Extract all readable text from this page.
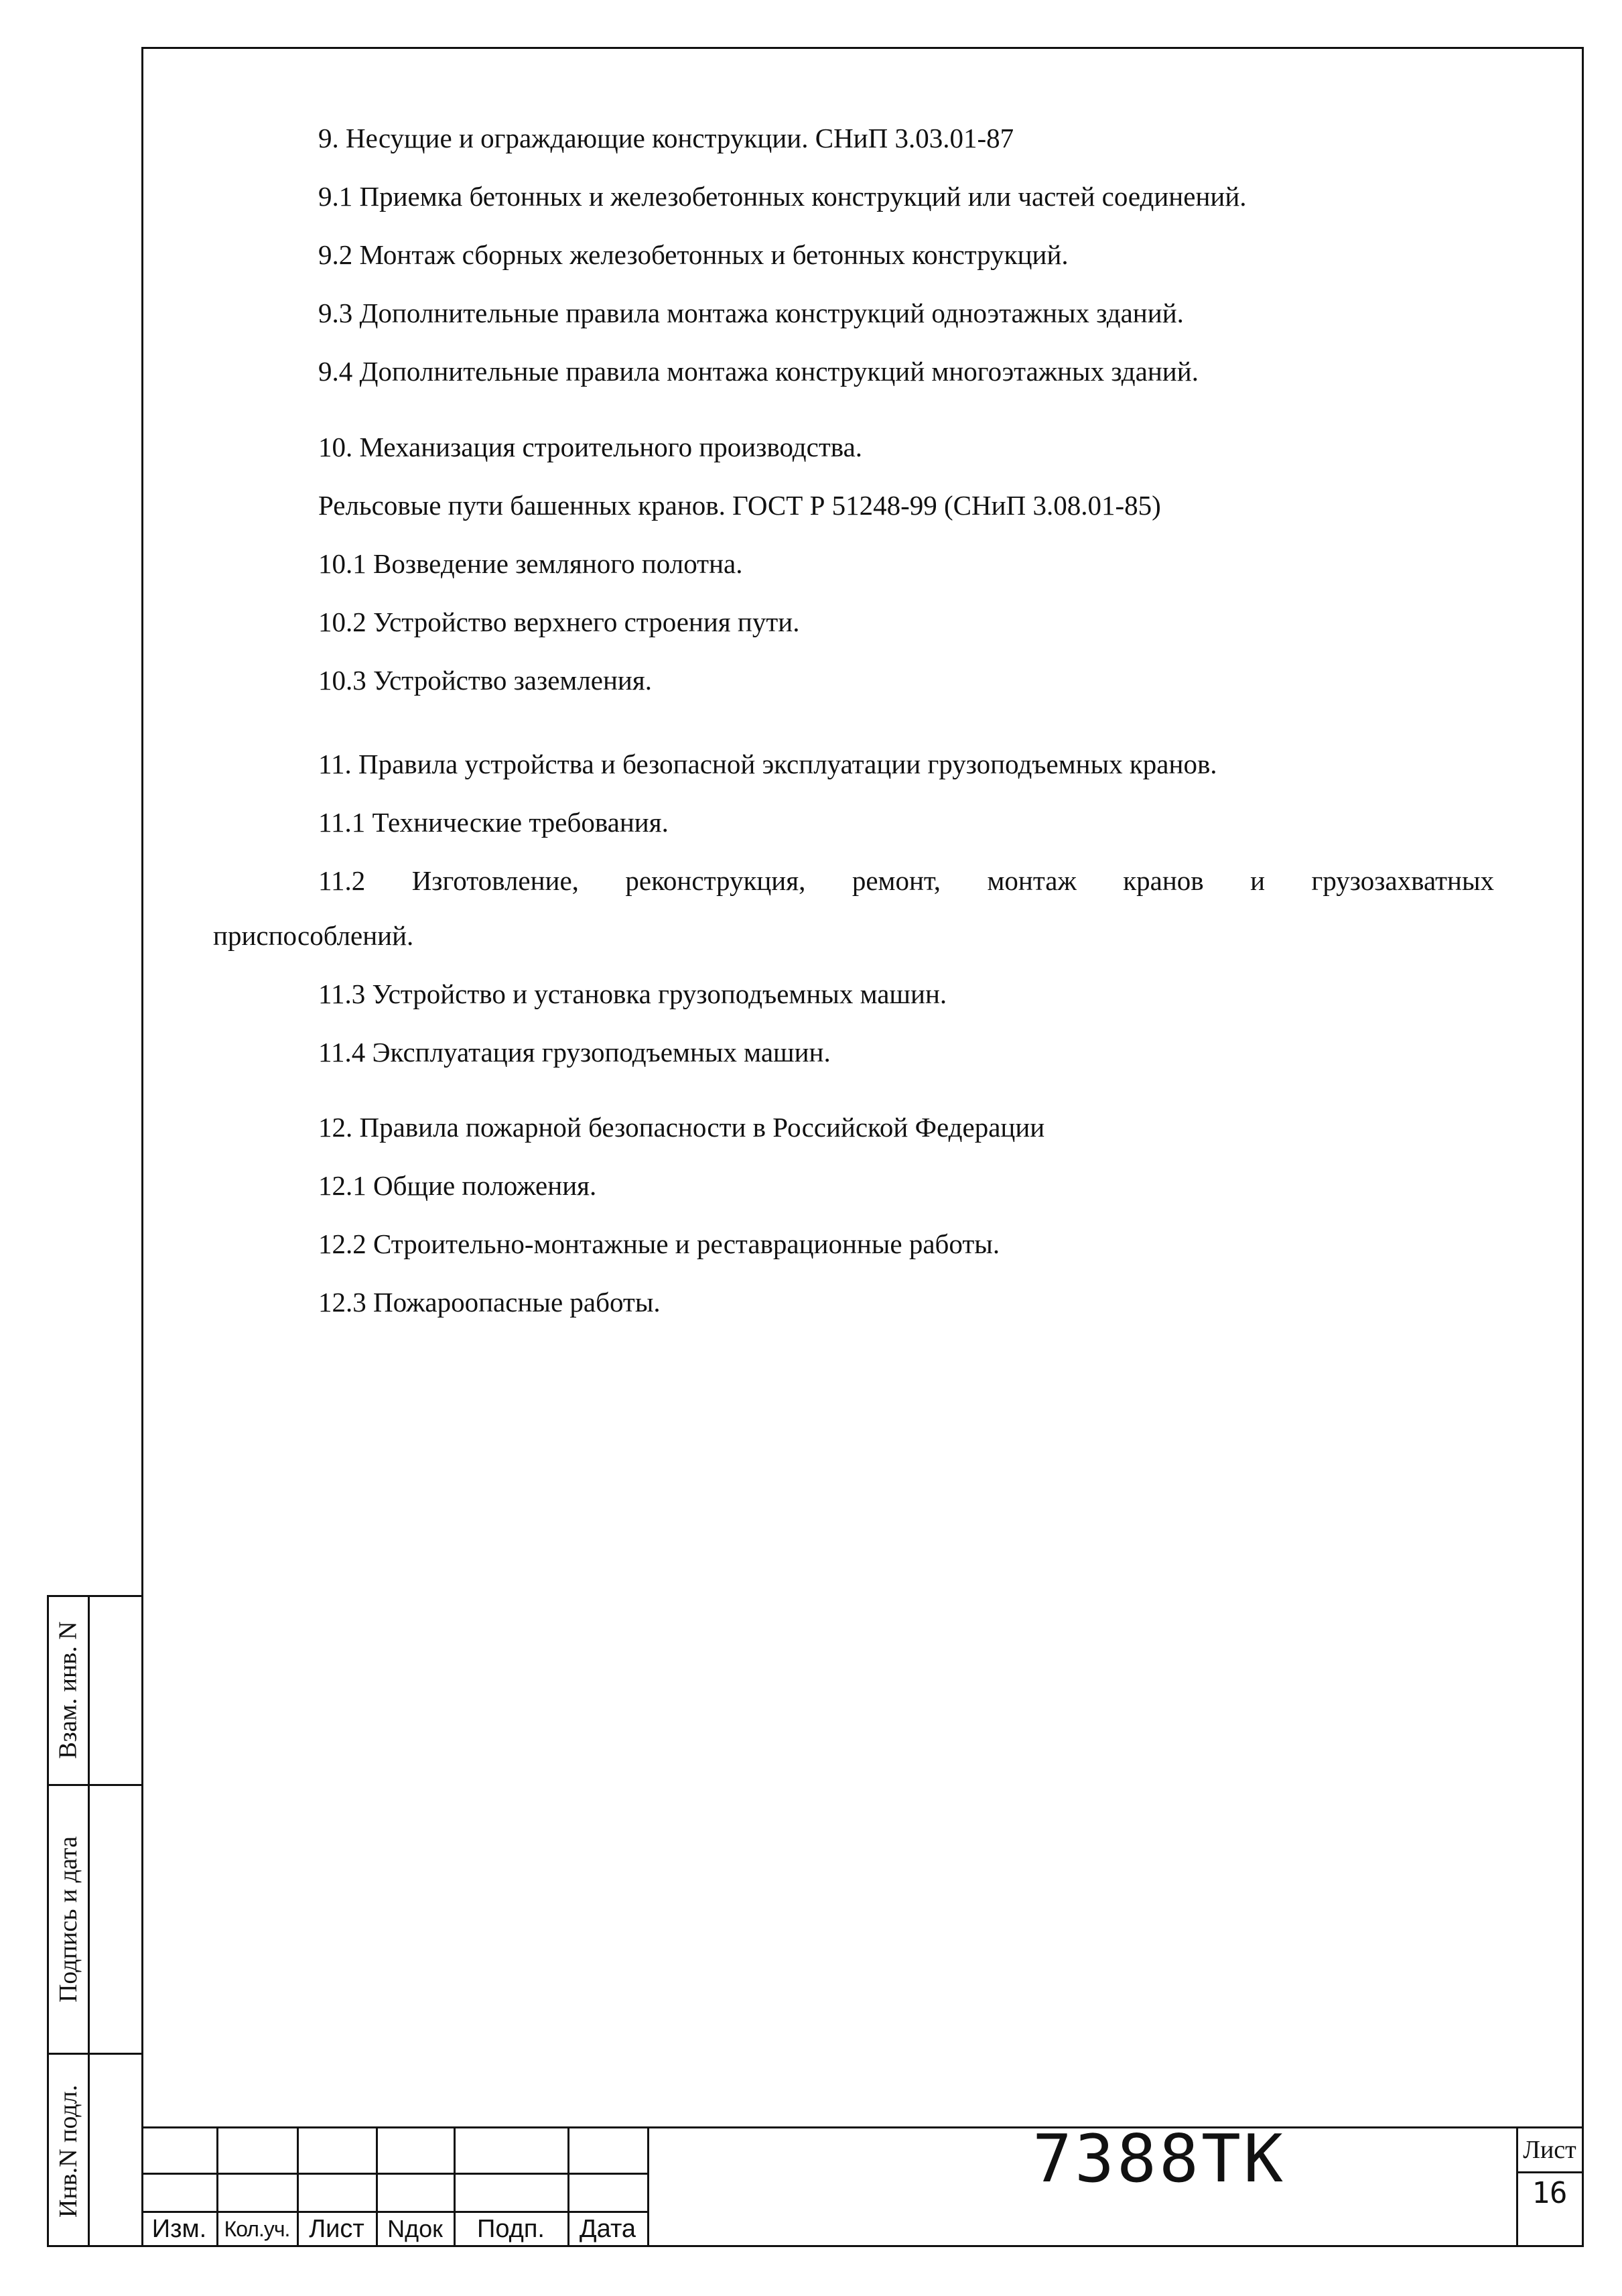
9. Несущие и ограждающие конструкции. СНиП 3.03.01-87
9.1 Приемка бетонных и железобетонных конструкций или частей соединений.
9.2 Монтаж сборных железобетонных и бетонных конструкций.
9.3 Дополнительные правила монтажа конструкций одноэтажных зданий.
9.4 Дополнительные правила монтажа конструкций многоэтажных зданий.
10. Механизация строительного производства.
Рельсовые пути башенных кранов. ГОСТ Р 51248-99 (СНиП 3.08.01-85)
10.1 Возведение земляного полотна.
10.2 Устройство верхнего строения пути.
10.3 Устройство заземления.
11. Правила устройства и безопасной эксплуатации грузоподъемных кранов.
11.1 Технические требования.
11.2 Изготовление, реконструкция, ремонт, монтаж кранов и грузозахватных
приспособлений.
11.3 Устройство и установка грузоподъемных машин.
11.4 Эксплуатация грузоподъемных машин.
12. Правила пожарной безопасности в Российской Федерации
12.1 Общие положения.
12.2 Строительно-монтажные и реставрационные работы.
12.3 Пожароопасные работы.
Взам. инв. N
Подпись и дата
Инв.N подл.
Изм. Кол.уч. Лист Nдок	Подп.	Дата
7388ТК	Лист
16
